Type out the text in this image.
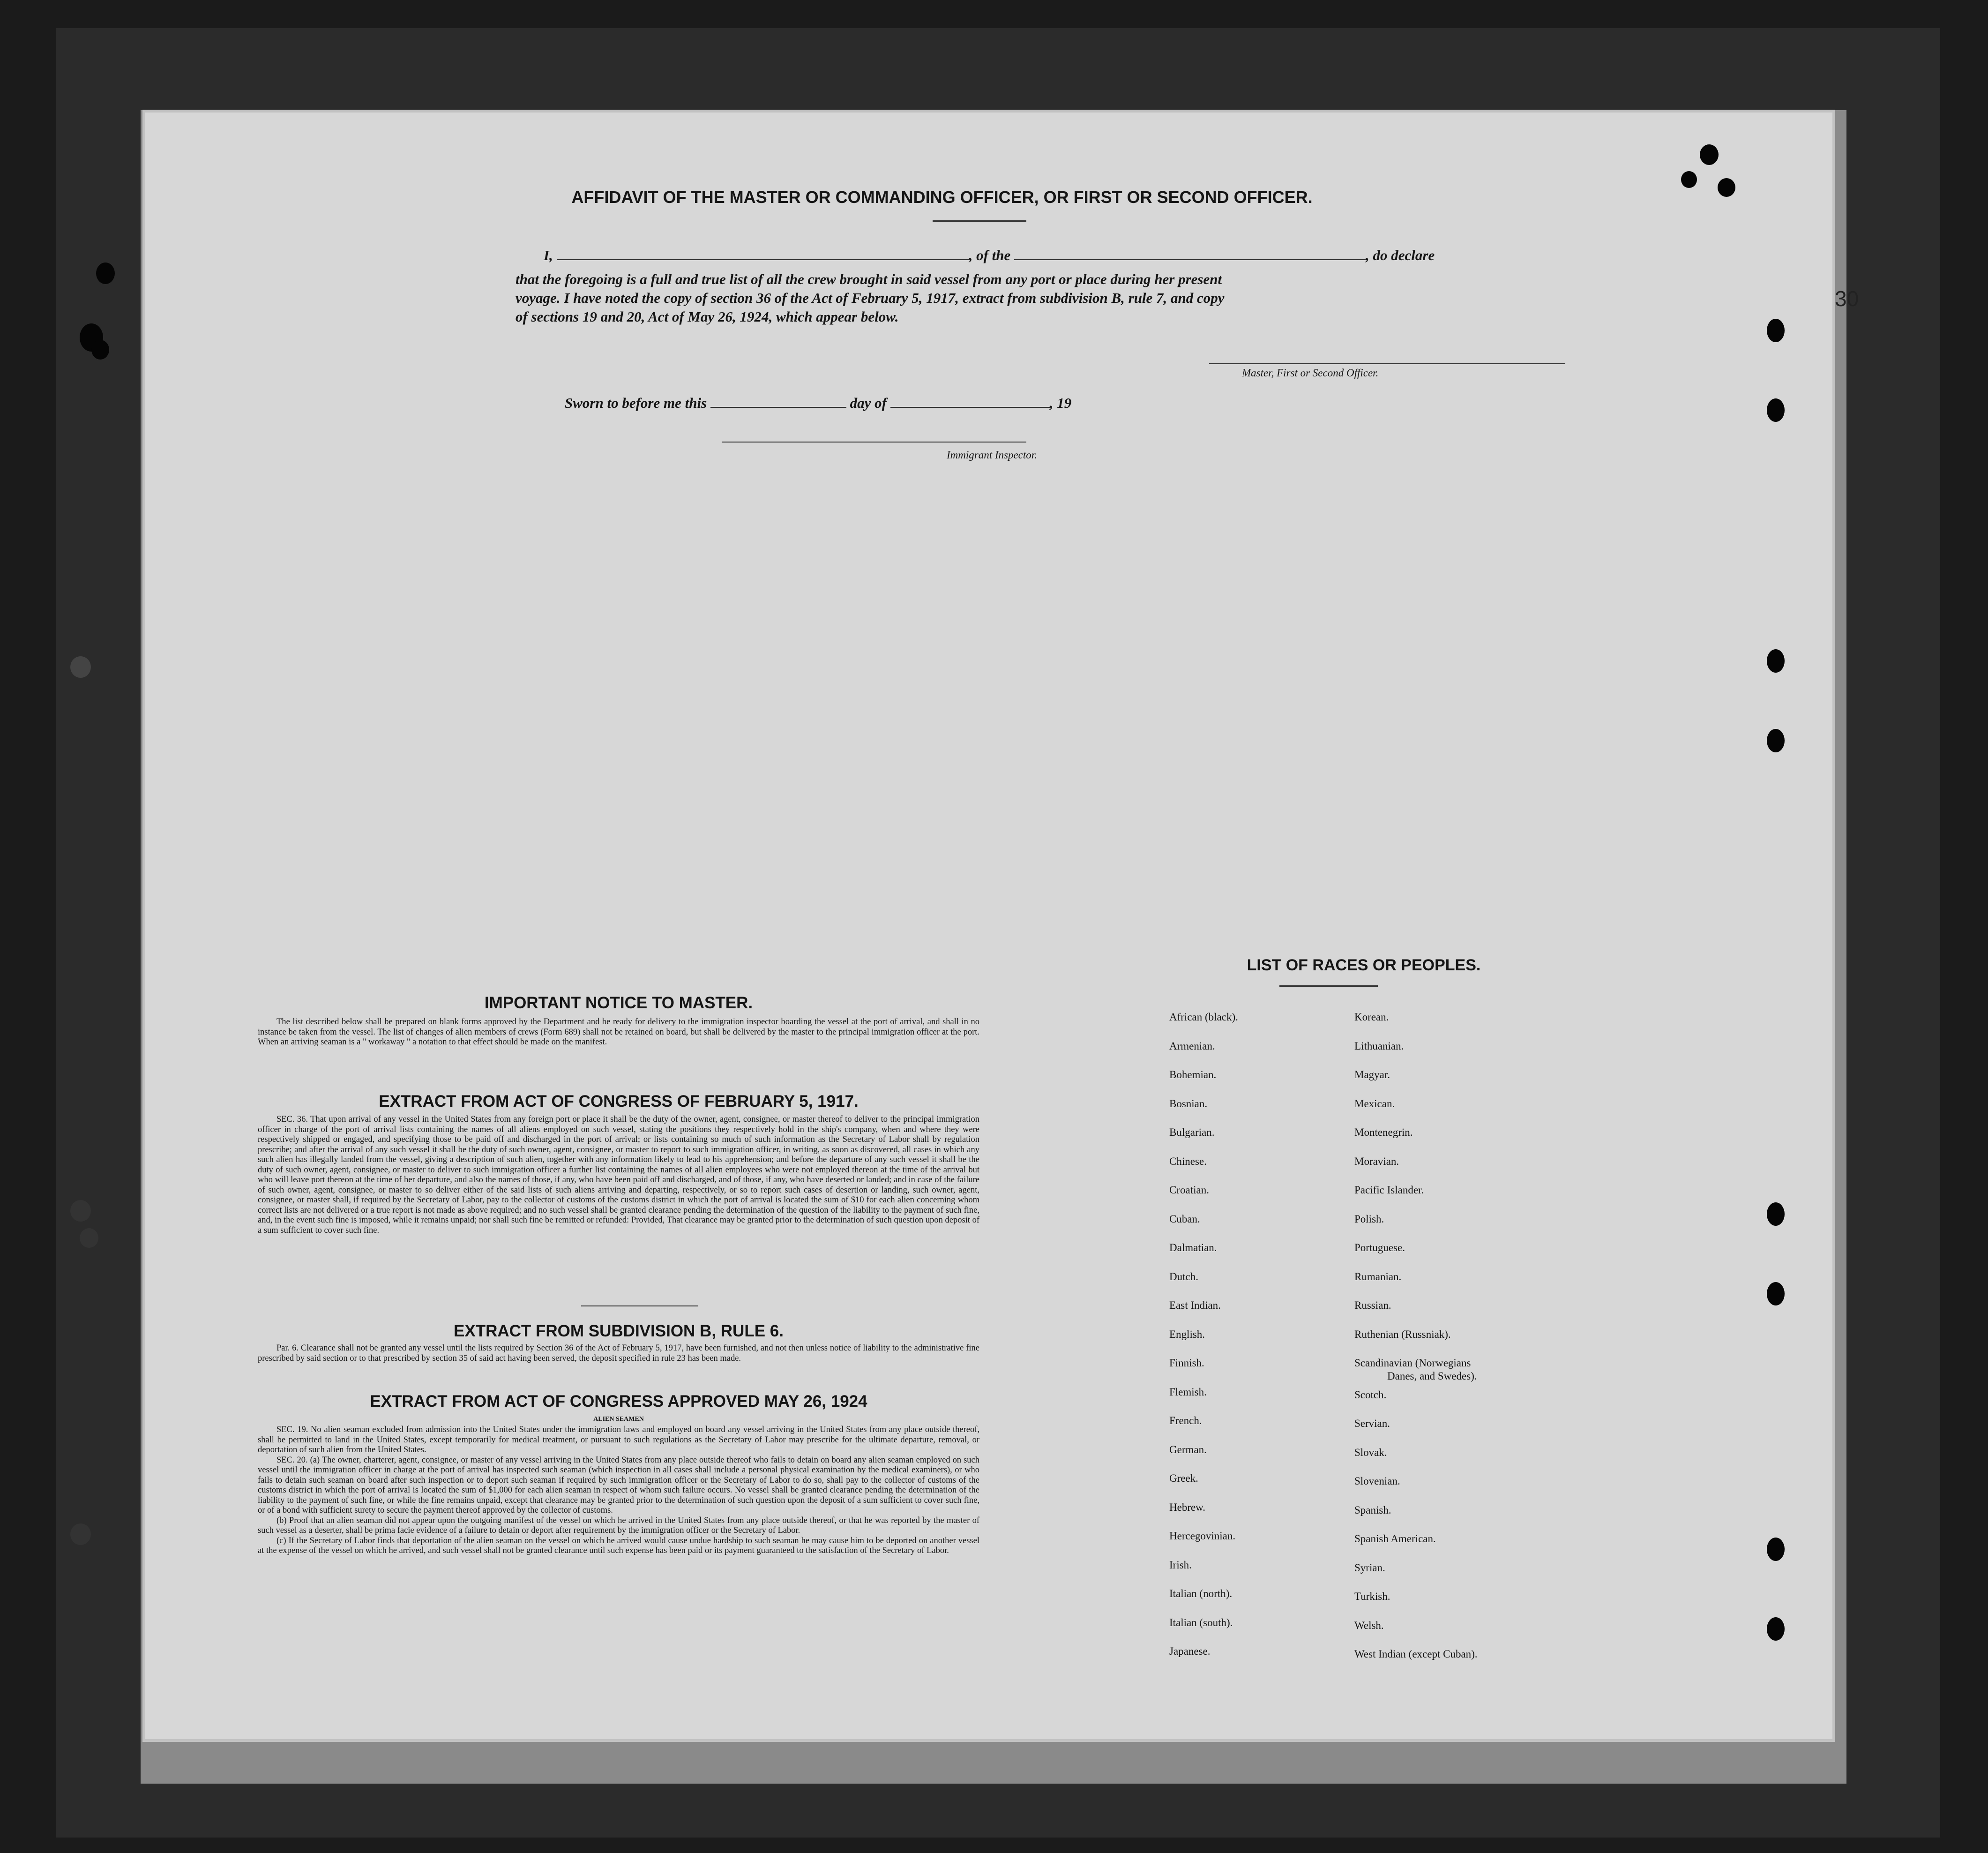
AFFIDAVIT OF THE MASTER OR COMMANDING OFFICER, OR FIRST OR SECOND OFFICER.
I,	, of the	, do declare
that the foregoing is a full and true list of all the crew brought in said vessel from any port or place during her present
voyage. I have noted the copy of section 36 of the Act of February 5, 1917, extract from subdivision B, rule 7, and copy
of sections 19 and 20, Act of May 26, 1924, which appear below.
Master, First or Second Officer.
Sworn to before me this	day of	, 19
Immigrant Inspector.
IMPORTANT NOTICE TO MASTER.
The list described below shall be prepared on blank forms approved by the Department and be ready for delivery to the immigration inspector boarding the vessel at the port of arrival, and shall in no instance be taken from the vessel. The list of changes of alien members of crews (Form 689) shall not be retained on board, but shall be delivered by the master to the principal immigration officer at the port. When an arriving seaman is a " workaway " a notation to that effect should be made on the manifest.
EXTRACT FROM ACT OF CONGRESS OF FEBRUARY 5, 1917.
SEC. 36. That upon arrival of any vessel in the United States from any foreign port or place it shall be the duty of the owner, agent, consignee, or master thereof to deliver to the principal immigration officer in charge of the port of arrival lists containing the names of all aliens employed on such vessel, stating the positions they respectively hold in the ship's company, when and where they were respectively shipped or engaged, and specifying those to be paid off and discharged in the port of arrival; or lists containing so much of such information as the Secretary of Labor shall by regulation prescribe; and after the arrival of any such vessel it shall be the duty of such owner, agent, consignee, or master to report to such immigration officer, in writing, as soon as discovered, all cases in which any such alien has illegally landed from the vessel, giving a description of such alien, together with any information likely to lead to his apprehension; and before the departure of any such vessel it shall be the duty of such owner, agent, consignee, or master to deliver to such immigration officer a further list containing the names of all alien employees who were not employed thereon at the time of the arrival but who will leave port thereon at the time of her departure, and also the names of those, if any, who have been paid off and discharged, and of those, if any, who have deserted or landed; and in case of the failure of such owner, agent, consignee, or master to so deliver either of the said lists of such aliens arriving and departing, respectively, or so to report such cases of desertion or landing, such owner, agent, consignee, or master shall, if required by the Secretary of Labor, pay to the collector of customs of the customs district in which the port of arrival is located the sum of $10 for each alien concerning whom correct lists are not delivered or a true report is not made as above required; and no such vessel shall be granted clearance pending the determination of the question of the liability to the payment of such fine, and, in the event such fine is imposed, while it remains unpaid; nor shall such fine be remitted or refunded: Provided, That clearance may be granted prior to the determination of such question upon deposit of a sum sufficient to cover such fine.
EXTRACT FROM SUBDIVISION B, RULE 6.
Par. 6. Clearance shall not be granted any vessel until the lists required by Section 36 of the Act of February 5, 1917, have been furnished, and not then unless notice of liability to the administrative fine prescribed by said section or to that prescribed by section 35 of said act having been served, the deposit specified in rule 23 has been made.
EXTRACT FROM ACT OF CONGRESS APPROVED MAY 26, 1924
ALIEN SEAMEN

SEC. 19. No alien seaman excluded from admission into the United States under the immigration laws and employed on board any vessel arriving in the United States from any place outside thereof, shall be permitted to land in the United States, except temporarily for medical treatment, or pursuant to such regulations as the Secretary of Labor may prescribe for the ultimate departure, removal, or deportation of such alien from the United States.

SEC. 20. (a) The owner, charterer, agent, consignee, or master of any vessel arriving in the United States from any place outside thereof who fails to detain on board any alien seaman employed on such vessel until the immigration officer in charge at the port of arrival has inspected such seaman (which inspection in all cases shall include a personal physical examination by the medical examiners), or who fails to detain such seaman on board after such inspection or to deport such seaman if required by such immigration officer or the Secretary of Labor to do so, shall pay to the collector of customs of the customs district in which the port of arrival is located the sum of $1,000 for each alien seaman in respect of whom such failure occurs. No vessel shall be granted clearance pending the determination of the liability to the payment of such fine, or while the fine remains unpaid, except that clearance may be granted prior to the determination of such question upon the deposit of a sum sufficient to cover such fine, or of a bond with sufficient surety to secure the payment thereof approved by the collector of customs.

(b) Proof that an alien seaman did not appear upon the outgoing manifest of the vessel on which he arrived in the United States from any place outside thereof, or that he was reported by the master of such vessel as a deserter, shall be prima facie evidence of a failure to detain or deport after requirement by the immigration officer or the Secretary of Labor.

(c) If the Secretary of Labor finds that deportation of the alien seaman on the vessel on which he arrived would cause undue hardship to such seaman he may cause him to be deported on another vessel at the expense of the vessel on which he arrived, and such vessel shall not be granted clearance until such expense has been paid or its payment guaranteed to the satisfaction of the Secretary of Labor.

LIST OF RACES OR PEOPLES.
African (black).
Armenian.
Bohemian.
Bosnian.
Bulgarian.
Chinese.
Croatian.
Cuban.
Dalmatian.
Dutch.
East Indian.
English.
Finnish.
Flemish.
French.
German.
Greek.
Hebrew.
Hercegovinian.
Irish.
Italian (north).
Italian (south).
Japanese.
Korean.
Lithuanian.
Magyar.
Mexican.
Montenegrin.
Moravian.
Pacific Islander.
Polish.
Portuguese.
Rumanian.
Russian.
Ruthenian (Russniak).
Scandinavian (Norwegians
Danes, and Swedes).
Scotch.
Servian.
Slovak.
Slovenian.
Spanish.
Spanish American.
Syrian.
Turkish.
Welsh.
West Indian (except Cuban).
30
